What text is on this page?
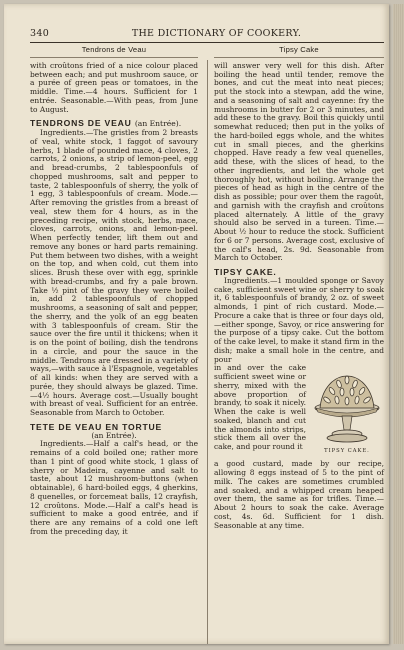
340	THE DICTIONARY OF COOKERY.
Tendrons de Veau

with croûtons fried of a nice colour placed between each; and put mushroom sauce, or a purée of green peas or tomatoes, in the middle. Time.—4 hours. Sufficient for 1 entrée. Seasonable.—With peas, from June to August.

TENDRONS DE VEAU (an Entrée).

Ingredients.—The gristles from 2 breasts of veal, white stock, 1 faggot of savoury herbs, 1 blade of pounded mace, 4 cloves, 2 carrots, 2 onions, a strip of lemon-peel, egg and bread-crumbs, 2 tablespoonfuls of chopped mushrooms, salt and pepper to taste, 2 tablespoonfuls of sherry, the yolk of 1 egg, 3 tablespoonfuls of cream. Mode.—After removing the gristles from a breast of veal, stew them for 4 hours, as in the preceding recipe, with stock, herbs, mace, cloves, carrots, onions, and lemon-peel. When perfectly tender, lift them out and remove any bones or hard parts remaining. Put them between two dishes, with a weight on the top, and when cold, cut them into slices. Brush these over with egg, sprinkle with bread-crumbs, and fry a pale brown. Take ½ pint of the gravy they were boiled in, add 2 tablespoonfuls of chopped mushrooms, a seasoning of salt and pepper, the sherry, and the yolk of an egg beaten with 3 tablespoonfuls of cream. Stir the sauce over the fire until it thickens; when it is on the point of boiling, dish the tendrons in a circle, and pour the sauce in the middle. Tendrons are dressed in a variety of ways,—with sauce à l'Espagnole, vegetables of all kinds: when they are served with a purée, they should always be glazed. Time.—4½ hours. Average cost.—Usually bought with breast of veal. Sufficient for an entrée. Seasonable from March to October.

TETE DE VEAU EN TORTUE

(an Entrée).

Ingredients.—Half a calf's head, or the remains of a cold boiled one; rather more than 1 pint of good white stock, 1 glass of sherry or Madeira, cayenne and salt to taste, about 12 mushroom-buttons (when obtainable), 6 hard-boiled eggs, 4 gherkins, 8 quenelles, or forcemeat balls, 12 crayfish, 12 croûtons. Mode.—Half a calf's head is sufficient to make a good entrée, and if there are any remains of a cold one left from the preceding day, it

Tipsy Cake

will answer very well for this dish. After boiling the head until tender, remove the bones, and cut the meat into neat pieces; put the stock into a stewpan, add the wine, and a seasoning of salt and cayenne: fry the mushrooms in butter for 2 or 3 minutes, and add these to the gravy. Boil this quickly until somewhat reduced; then put in the yolks of the hard-boiled eggs whole, and the whites cut in small pieces, and the gherkins chopped. Have ready a few veal quenelles, add these, with the slices of head, to the other ingredients, and let the whole get thoroughly hot, without boiling. Arrange the pieces of head as high in the centre of the dish as possible; pour over them the ragoût, and garnish with the crayfish and croûtons placed alternately. A little of the gravy should also be served in a tureen. Time.—About ½ hour to reduce the stock. Sufficient for 6 or 7 persons. Average cost, exclusive of the calf's head, 2s. 9d. Seasonable from March to October.

TIPSY CAKE.

Ingredients.—1 moulded sponge or Savoy cake, sufficient sweet wine or sherry to soak it, 6 tablespoonfuls of brandy, 2 oz. of sweet almonds, 1 pint of rich custard. Mode.—Procure a cake that is three or four days old,—either sponge, Savoy, or rice answering for the purpose of a tipsy cake. Cut the bottom of the cake level, to make it stand firm in the dish; make a small hole in the centre, and pour

TIPSY CAKE.

in and over the cake sufficient sweet wine or sherry, mixed with the above proportion of brandy, to soak it nicely. When the cake is well soaked, blanch and cut the almonds into strips, stick them all over the cake, and pour round it

a good custard, made by our recipe, allowing 8 eggs instead of 5 to the pint of milk. The cakes are sometimes crumbled and soaked, and a whipped cream heaped over them, the same as for trifles. Time.—About 2 hours to soak the cake. Average cost, 4s. 6d. Sufficient for 1 dish. Seasonable at any time.
